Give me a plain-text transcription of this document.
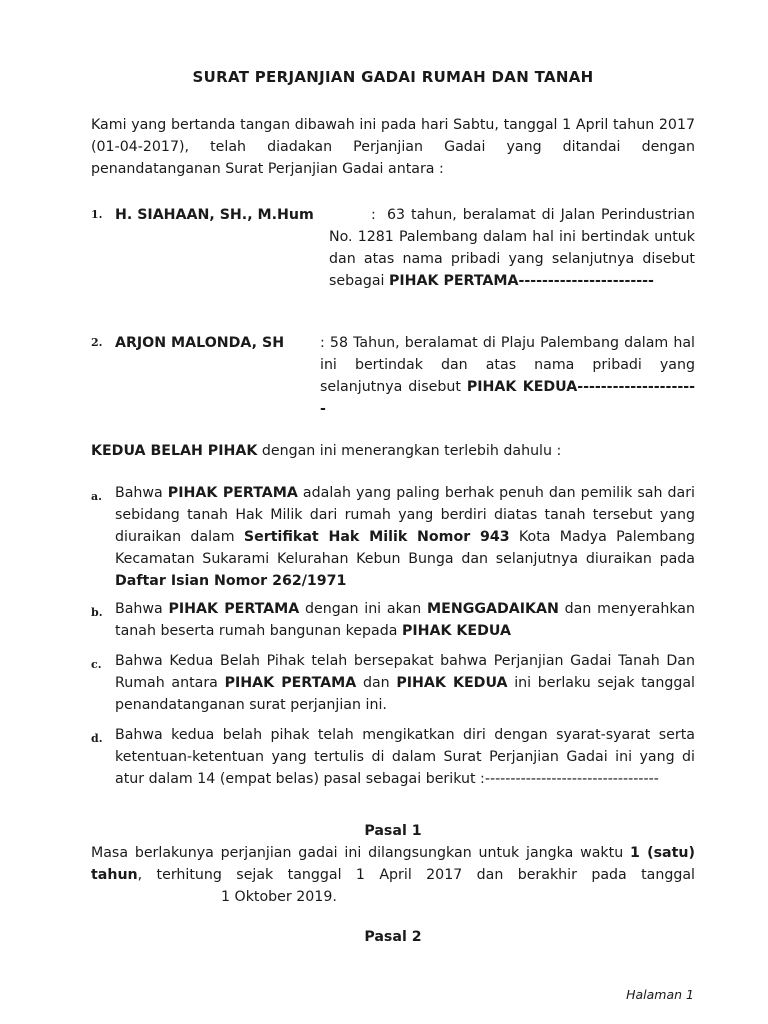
SURAT PERJANJIAN GADAI RUMAH DAN TANAH
Kami yang bertanda tangan dibawah ini pada hari Sabtu, tanggal 1 April tahun 2017 (01-04-2017), telah diadakan Perjanjian Gadai yang ditandai dengan penandatanganan Surat Perjanjian Gadai antara :
1. H. SIAHAAN, SH., M.Hum	: 63 tahun, beralamat di Jalan Perindustrian No. 1281 Palembang dalam hal ini bertindak untuk dan atas nama pribadi yang selanjutnya disebut sebagai PIHAK PERTAMA-----------------------
2. ARJON MALONDA, SH	: 58 Tahun, beralamat di Plaju Palembang dalam hal ini bertindak dan atas nama pribadi yang selanjutnya disebut PIHAK KEDUA---------------------
KEDUA BELAH PIHAK dengan ini menerangkan terlebih dahulu :
a. Bahwa PIHAK PERTAMA adalah yang paling berhak penuh dan pemilik sah dari sebidang tanah Hak Milik dari rumah yang berdiri diatas tanah tersebut yang diuraikan dalam Sertifikat Hak Milik Nomor 943 Kota Madya Palembang Kecamatan Sukarami Kelurahan Kebun Bunga dan selanjutnya diuraikan pada Daftar Isian Nomor 262/1971
b. Bahwa PIHAK PERTAMA dengan ini akan MENGGADAIKAN dan menyerahkan tanah beserta rumah bangunan kepada PIHAK KEDUA
c. Bahwa Kedua Belah Pihak telah bersepakat bahwa Perjanjian Gadai Tanah Dan Rumah antara PIHAK PERTAMA dan PIHAK KEDUA ini berlaku sejak tanggal penandatanganan surat perjanjian ini.
d. Bahwa kedua belah pihak telah mengikatkan diri dengan syarat-syarat serta ketentuan-ketentuan yang tertulis di dalam Surat Perjanjian Gadai ini yang di atur dalam 14 (empat belas) pasal sebagai berikut :----------------------------------
Pasal 1
Masa berlakunya perjanjian gadai ini dilangsungkan untuk jangka waktu 1 (satu) tahun, terhitung sejak tanggal 1 April 2017 dan berakhir pada tanggal1 Oktober 2019.
Pasal 2
Halaman 1
